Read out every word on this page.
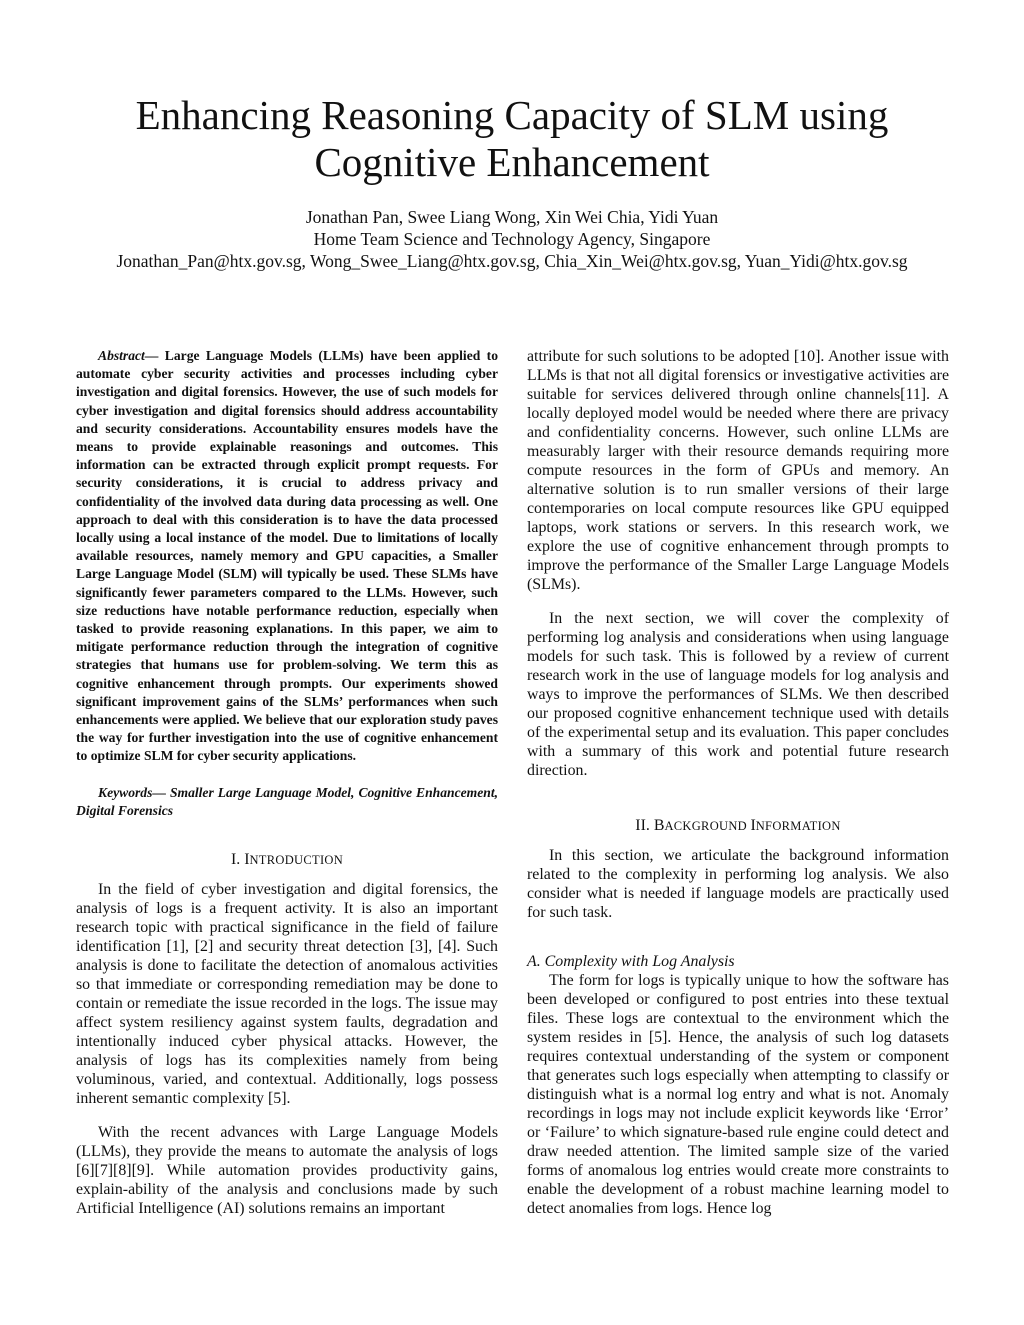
Enhancing Reasoning Capacity of SLM using Cognitive Enhancement
Jonathan Pan, Swee Liang Wong, Xin Wei Chia, Yidi Yuan
Home Team Science and Technology Agency, Singapore
Jonathan_Pan@htx.gov.sg, Wong_Swee_Liang@htx.gov.sg, Chia_Xin_Wei@htx.gov.sg, Yuan_Yidi@htx.gov.sg

Abstract— Large Language Models (LLMs) have been applied to automate cyber security activities and processes including cyber investigation and digital forensics. However, the use of such models for cyber investigation and digital forensics should address accountability and security considerations. Accountability ensures models have the means to provide explainable reasonings and outcomes. This information can be extracted through explicit prompt requests. For security considerations, it is crucial to address privacy and confidentiality of the involved data during data processing as well. One approach to deal with this consideration is to have the data processed locally using a local instance of the model. Due to limitations of locally available resources, namely memory and GPU capacities, a Smaller Large Language Model (SLM) will typically be used. These SLMs have significantly fewer parameters compared to the LLMs. However, such size reductions have notable performance reduction, especially when tasked to provide reasoning explanations. In this paper, we aim to mitigate performance reduction through the integration of cognitive strategies that humans use for problem-solving. We term this as cognitive enhancement through prompts. Our experiments showed significant improvement gains of the SLMs’ performances when such enhancements were applied. We believe that our exploration study paves the way for further investigation into the use of cognitive enhancement to optimize SLM for cyber security applications.

Keywords— Smaller Large Language Model, Cognitive Enhancement, Digital Forensics

I. INTRODUCTION

In the field of cyber investigation and digital forensics, the analysis of logs is a frequent activity. It is also an important research topic with practical significance in the field of failure identification [1], [2] and security threat detection [3], [4]. Such analysis is done to facilitate the detection of anomalous activities so that immediate or corresponding remediation may be done to contain or remediate the issue recorded in the logs. The issue may affect system resiliency against system faults, degradation and intentionally induced cyber physical attacks. However, the analysis of logs has its complexities namely from being voluminous, varied, and contextual. Additionally, logs possess inherent semantic complexity [5].

With the recent advances with Large Language Models (LLMs), they provide the means to automate the analysis of logs [6][7][8][9]. While automation provides productivity gains, explain-ability of the analysis and conclusions made by such Artificial Intelligence (AI) solutions remains an important

attribute for such solutions to be adopted [10]. Another issue with LLMs is that not all digital forensics or investigative activities are suitable for services delivered through online channels[11]. A locally deployed model would be needed where there are privacy and confidentiality concerns. However, such online LLMs are measurably larger with their resource demands requiring more compute resources in the form of GPUs and memory. An alternative solution is to run smaller versions of their large contemporaries on local compute resources like GPU equipped laptops, work stations or servers. In this research work, we explore the use of cognitive enhancement through prompts to improve the performance of the Smaller Large Language Models (SLMs).

In the next section, we will cover the complexity of performing log analysis and considerations when using language models for such task. This is followed by a review of current research work in the use of language models for log analysis and ways to improve the performances of SLMs. We then described our proposed cognitive enhancement technique used with details of the experimental setup and its evaluation. This paper concludes with a summary of this work and potential future research direction.

II. BACKGROUND INFORMATION

In this section, we articulate the background information related to the complexity in performing log analysis. We also consider what is needed if language models are practically used for such task.

A. Complexity with Log Analysis

The form for logs is typically unique to how the software has been developed or configured to post entries into these textual files. These logs are contextual to the environment which the system resides in [5]. Hence, the analysis of such log datasets requires contextual understanding of the system or component that generates such logs especially when attempting to classify or distinguish what is a normal log entry and what is not. Anomaly recordings in logs may not include explicit keywords like ‘Error’ or ‘Failure’ to which signature-based rule engine could detect and draw needed attention. The limited sample size of the varied forms of anomalous log entries would create more constraints to enable the development of a robust machine learning model to detect anomalies from logs. Hence log
